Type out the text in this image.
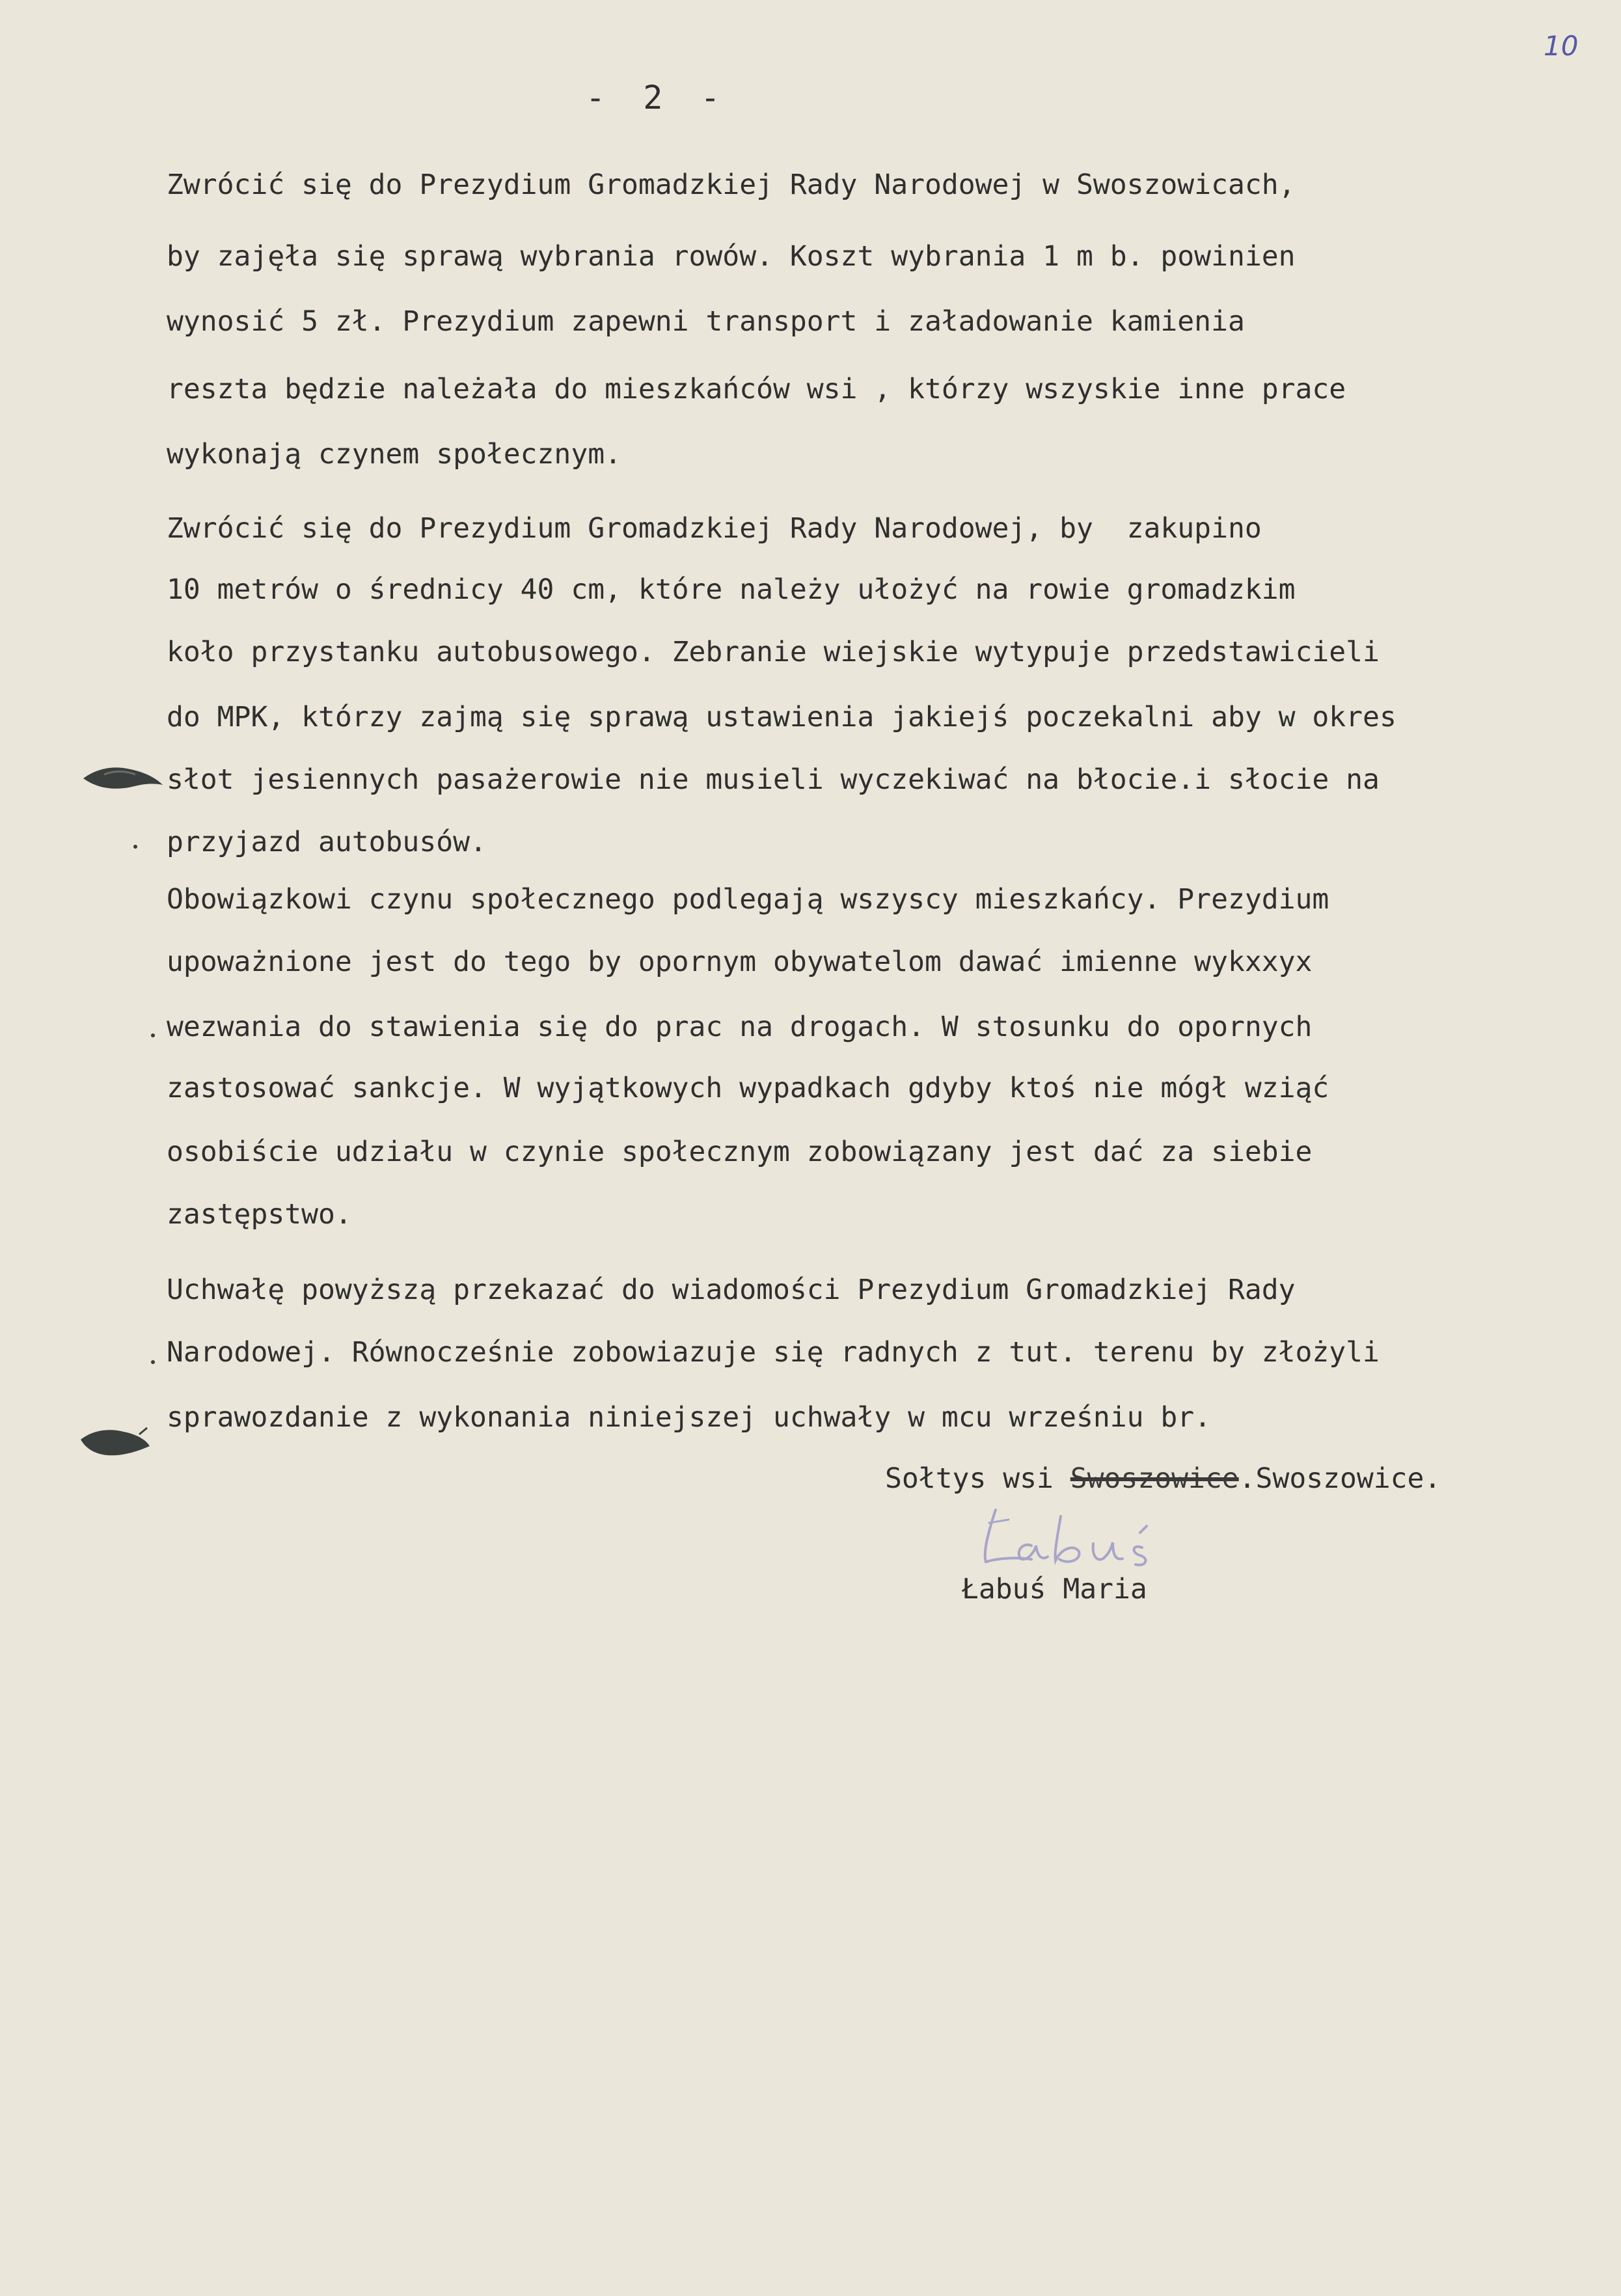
10
- 2 -
Zwrócić się do Prezydium Gromadzkiej Rady Narodowej w Swoszowicach,
by zajęła się sprawą wybrania rowów. Koszt wybrania 1 m b. powinien
wynosić 5 zł. Prezydium zapewni transport i załadowanie kamienia
reszta będzie należała do mieszkańców wsi , którzy wszyskie inne prace
wykonają czynem społecznym.
Zwrócić się do Prezydium Gromadzkiej Rady Narodowej, by  zakupino
10 metrów o średnicy 40 cm, które należy ułożyć na rowie gromadzkim
koło przystanku autobusowego. Zebranie wiejskie wytypuje przedstawicieli
do MPK, którzy zajmą się sprawą ustawienia jakiejś poczekalni aby w okres
słot jesiennych pasażerowie nie musieli wyczekiwać na błocie.i słocie na
przyjazd autobusów.
Obowiązkowi czynu społecznego podlegają wszyscy mieszkańcy. Prezydium
upoważnione jest do tego by opornym obywatelom dawać imienne wykxxyx
wezwania do stawienia się do prac na drogach. W stosunku do opornych
zastosować sankcje. W wyjątkowych wypadkach gdyby ktoś nie mógł wziąć
osobiście udziału w czynie społecznym zobowiązany jest dać za siebie
zastępstwo.
Uchwałę powyższą przekazać do wiadomości Prezydium Gromadzkiej Rady
Narodowej. Równocześnie zobowiazuje się radnych z tut. terenu by złożyli
sprawozdanie z wykonania niniejszej uchwały w mcu wrześniu br.
Sołtys wsi Swoszowice.Swoszowice.
Łabuś Maria
